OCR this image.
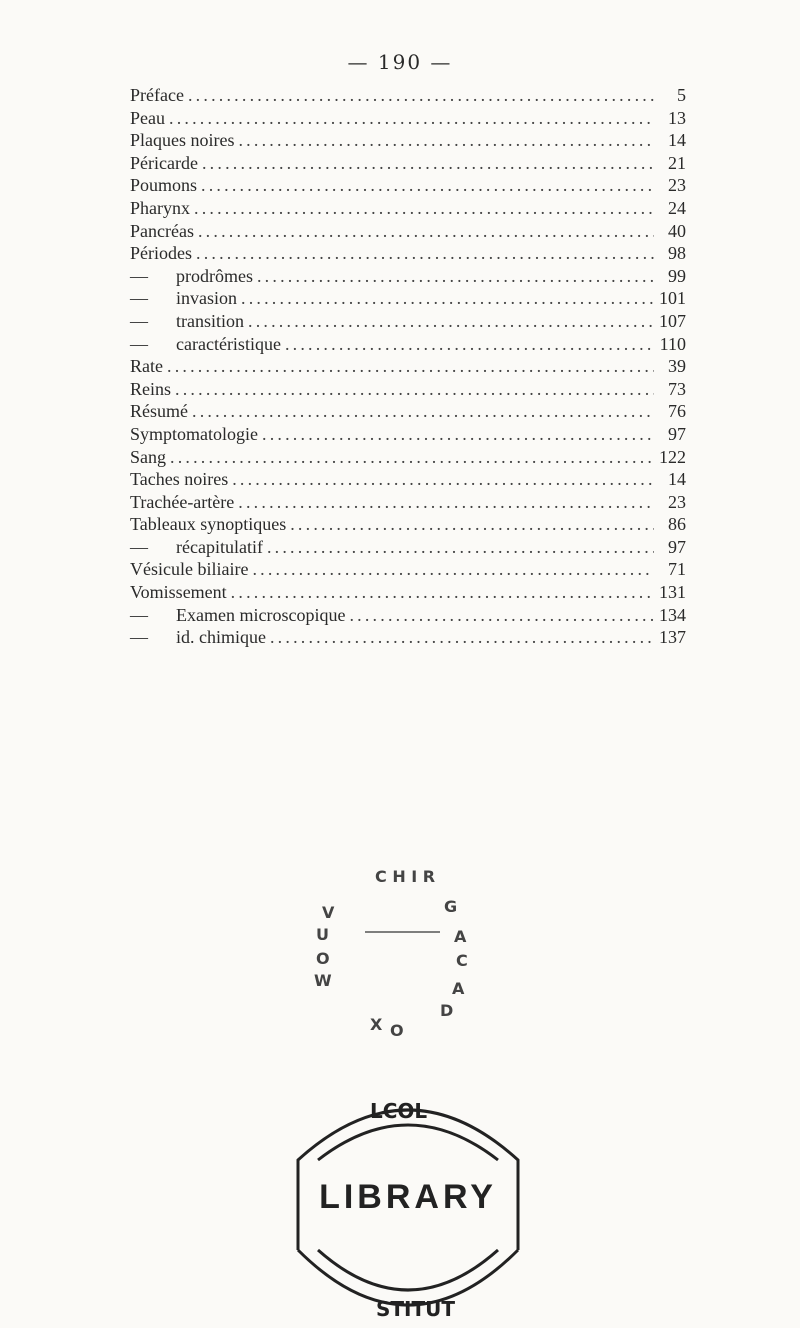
— 190 —
Préface .....	5
Peau .....	13
Plaques noires .....	14
Péricarde .....	21
Poumons .....	23
Pharynx .....	24
Pancréas .....	40
Périodes .....	98
—	prodrômes .....	99
—	invasion .....	101
—	transition .....	107
—	caractéristique .....	110
Rate .....	39
Reins .....	73
Résumé .....	76
Symptomatologie .....	97
Sang .....	122
Taches noires .....	14
Trachée-artère .....	23
Tableaux synoptiques .....	86
—	récapitulatif .....	97
Vésicule biliaire .....	71
Vomissement .....	131
—	Examen microscopique .....	134
—	id. chimique .....	137
C H I R
V
U
O
W
G
A
C
A
D
O
X
LCOL
STITUT
LIBRARY
